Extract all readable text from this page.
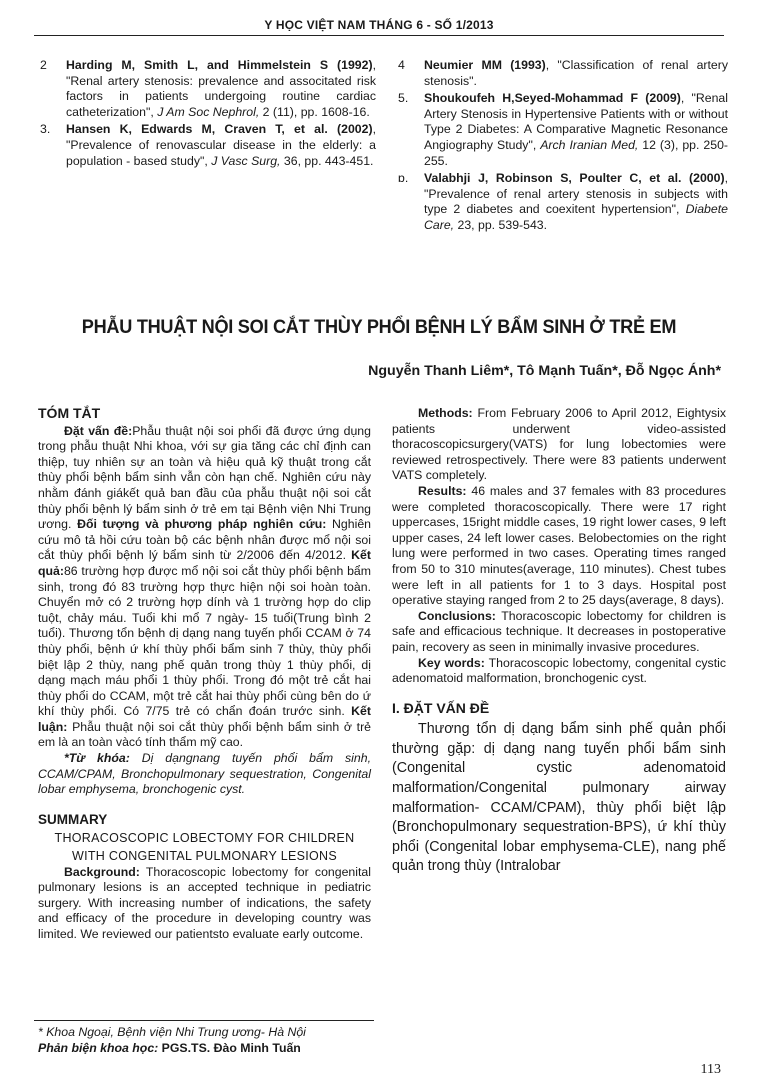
Y HỌC VIỆT NAM THÁNG 6 - SỐ 1/2013
2	Harding M, Smith L, and Himmelstein S (1992), "Renal artery stenosis: prevalence and associtated risk factors in patients undergoing routine cardiac catheterization", J Am Soc Nephrol, 2 (11), pp. 1608-16.
3.	Hansen K, Edwards M, Craven T, et al. (2002), "Prevalence of renovascular disease in the elderly: a population - based study", J Vasc Surg, 36, pp. 443-451.
4	Neumier MM (1993), "Classification of renal artery stenosis".
5.	Shoukoufeh H,Seyed-Mohammad F (2009), "Renal Artery Stenosis in Hypertensive Patients with or without Type 2 Diabetes: A Comparative Magnetic Resonance Angiography Study", Arch Iranian Med, 12 (3), pp. 250-255.
ɒ.	Valabhji J, Robinson S, Poulter C, et al. (2000), "Prevalence of renal artery stenosis in subjects with type 2 diabetes and coexitent hypertension", Diabete Care, 23, pp. 539-543.
PHẪU THUẬT NỘI SOI CẮT THÙY PHỔI BỆNH LÝ BẨM SINH Ở TRẺ EM
Nguyễn Thanh Liêm*, Tô Mạnh Tuấn*, Đỗ Ngọc Ánh*
TÓM TẮT

Đặt vấn đề:Phẫu thuật nội soi phổi đã được ứng dụng trong phẫu thuật Nhi khoa, với sự gia tăng các chỉ định can thiệp, tuy nhiên sự an toàn và hiệu quả kỹ thuật trong cắt thùy phổi bệnh bẩm sinh vẫn còn hạn chế. Nghiên cứu này nhằm đánh giákết quả ban đầu của phẫu thuật nội soi cắt thùy phổi bệnh lý bẩm sinh ở trẻ em tại Bệnh viện Nhi Trung ương. Đối tượng và phương pháp nghiên cứu: Nghiên cứu mô tả hồi cứu toàn bộ các bệnh nhân được mổ nội soi cắt thùy phổi bệnh lý bẩm sinh từ 2/2006 đến 4/2012. Kết quả:86 trường hợp được mổ nội soi cắt thùy phổi bệnh bẩm sinh, trong đó 83 trường hợp thực hiện nội soi hoàn toàn. Chuyển mở có 2 trường hợp dính và 1 trường hợp do clip tuột, chảy máu. Tuổi khi mổ 7 ngày- 15 tuổi(Trung bình 2 tuổi). Thương tổn bệnh dị dạng nang tuyến phổi CCAM ở 74 thùy phổi, bệnh ứ khí thùy phổi bẩm sinh 7 thùy, thùy phổi biệt lập 2 thùy, nang phế quản trong thùy 1 thùy phổi, dị dạng mạch máu phổi 1 thùy phổi. Trong đó một trẻ cắt hai thùy phổi do CCAM, một trẻ cắt hai thùy phổi cùng bên do ứ khí thùy phổi. Có 7/75 trẻ có chẩn đoán trước sinh. Kết luận: Phẫu thuật nội soi cắt thùy phổi bệnh bẩm sinh ở trẻ em là an toàn vàcó tính thẩm mỹ cao.

*Từ khóa: Dị dạngnang tuyến phổi bẩm sinh, CCAM/CPAM, Bronchopulmonary sequestration, Congenital lobar emphysema, bronchogenic cyst.

SUMMARY
THORACOSCOPIC LOBECTOMY FOR CHILDREN
WITH CONGENITAL PULMONARY LESIONS

Background: Thoracoscopic lobectomy for congenital pulmonary lesions is an accepted technique in pediatric surgery. With increasing number of indications, the safety and efficacy of the procedure in developing country was limited. We reviewed our patientsto evaluate early outcome.

Methods: From February 2006 to April 2012, Eightysix patients underwent video-assisted thoracoscopicsurgery(VATS) for lung lobectomies were reviewed retrospectively. There were 83 patients underwent VATS completely.

Results: 46 males and 37 females with 83 procedures were completed thoracoscopically. There were 17 right uppercases, 15right middle cases, 19 right lower cases, 9 left upper cases, 24 left lower cases. Belobectomies on the right lung were performed in two cases. Operating times ranged from 50 to 310 minutes(average, 110 minutes). Chest tubes were left in all patients for 1 to 3 days. Hospital post operative staying ranged from 2 to 25 days(average, 8 days).

Conclusions: Thoracoscopic lobectomy for children is safe and efficacious technique. It decreases in postoperative pain, recovery as seen in minimally invasive procedures.

Key words: Thoracoscopic lobectomy, congenital cystic adenomatoid malformation, bronchogenic cyst.

I. ĐẶT VẤN ĐỀ

Thương tổn dị dạng bẩm sinh phế quản phổi thường gặp: dị dạng nang tuyến phổi bẩm sinh (Congenital cystic adenomatoid malformation/Congenital pulmonary airway malformation- CCAM/CPAM), thùy phổi biệt lập (Bronchopulmonary sequestration-BPS), ứ khí thùy phổi (Congenital lobar emphysema-CLE), nang phế quản trong thùy (Intralobar

* Khoa Ngoại, Bệnh viện Nhi Trung ương- Hà Nội
Phản biện khoa học: PGS.TS. Đào Minh Tuấn
113
